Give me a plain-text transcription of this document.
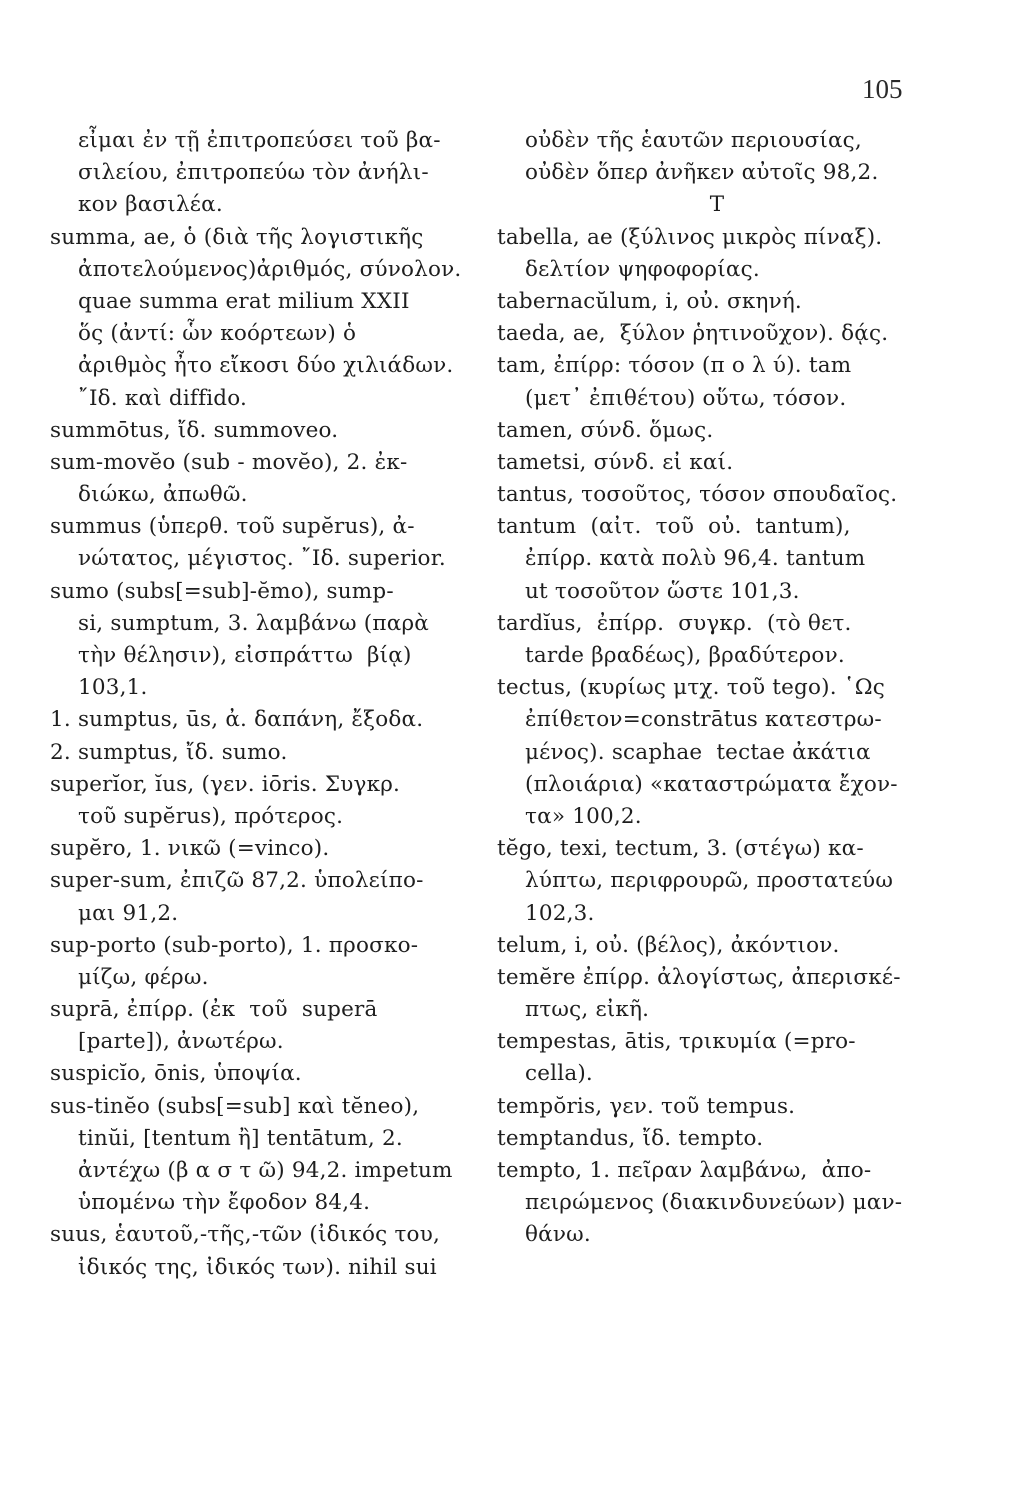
105
εἶμαι ἐν τῇ ἐπιτροπεύσει τοῦ βα-
σιλείου, ἐπιτροπεύω τὸν ἀνήλι-
κον βασιλέα.
summa, ae, ὁ (διὰ τῆς λογιστικῆς
ἀποτελούμενος)ἀριθμός, σύνολον.
quae summa erat milium XXII
ὅς (ἀντί: ὧν κοόρτεων) ὁ
ἀριθμὸς ἦτο εἴκοσι δύο χιλιάδων.
῎Ιδ. καὶ diffido.
summōtus, ἴδ. summoveo.
sum-movĕo (sub - movĕo), 2. ἐκ-
διώκω, ἀπωθῶ.
summus (ὑπερθ. τοῦ supĕrus), ἀ-
νώτατος, μέγιστος. ῎Ιδ. superior.
sumo (subs[=sub]-ĕmo), sump-
si, sumptum, 3. λαμβάνω (παρὰ
τὴν θέλησιν), εἰσπράττω  βίᾳ)
103,1.
1. sumptus, ūs, ἀ. δαπάνη, ἔξοδα.
2. sumptus, ἴδ. sumo.
superĭor, ĭus, (γεν. iōris. Συγκρ.
τοῦ supĕrus), πρότερος.
supĕro, 1. νικῶ (=vinco).
super-sum, ἐπιζῶ 87,2. ὑπολείπο-
μαι 91,2.
sup-porto (sub-porto), 1. προσκο-
μίζω, φέρω.
suprā, ἐπίρρ. (ἐκ  τοῦ  superā
[parte]), ἀνωτέρω.
suspicĭo, ōnis, ὑποψία.
sus-tinĕo (subs[=sub] καὶ tĕneo),
tinŭi, [tentum ἢ] tentātum, 2.
ἀντέχω (β α σ τ ῶ) 94,2. impetum
ὑπομένω τὴν ἔφοδον 84,4.
suus, ἑαυτοῦ,-τῆς,-τῶν (ἰδικός του,
ἰδικός της, ἰδικός των). nihil sui
οὐδὲν τῆς ἑαυτῶν περιουσίας,
οὐδὲν ὅπερ ἀνῆκεν αὐτοῖς 98,2.
T
tabella, ae (ξύλινος μικρὸς πίναξ).
δελτίον ψηφοφορίας.
tabernacŭlum, i, οὐ. σκηνή.
taeda, ae,  ξύλον ῥητινοῦχον). δᾴς.
tam, ἐπίρρ: τόσον (π ο λ ύ). tam
(μετ᾽ ἐπιθέτου) οὕτω, τόσον.
tamen, σύνδ. ὅμως.
tametsi, σύνδ. εἰ καί.
tantus, τοσοῦτος, τόσον σπουδαῖος.
tantum  (αἰτ.  τοῦ  οὐ.  tantum),
ἐπίρρ. κατὰ πολὺ 96,4. tantum
ut τοσοῦτον ὥστε 101,3.
tardĭus,  ἐπίρρ.  συγκρ.  (τὸ θετ.
tarde βραδέως), βραδύτερον.
tectus, (κυρίως μτχ. τοῦ tego). ῾Ως
ἐπίθετον=constrātus κατεστρω-
μένος). scaphae  tectae ἀκάτια
(πλοιάρια) «καταστρώματα ἔχον-
τα» 100,2.
tĕgo, texi, tectum, 3. (στέγω) κα-
λύπτω, περιφρουρῶ, προστατεύω
102,3.
telum, i, οὐ. (βέλος), ἀκόντιον.
temĕre ἐπίρρ. ἀλογίστως, ἀπερισκέ-
πτως, εἰκῆ.
tempestas, ātis, τρικυμία (=pro-
cella).
tempŏris, γεν. τοῦ tempus.
temptandus, ἴδ. tempto.
tempto, 1. πεῖραν λαμβάνω,  ἀπο-
πειρώμενος (διακινδυνεύων) μαν-
θάνω.
